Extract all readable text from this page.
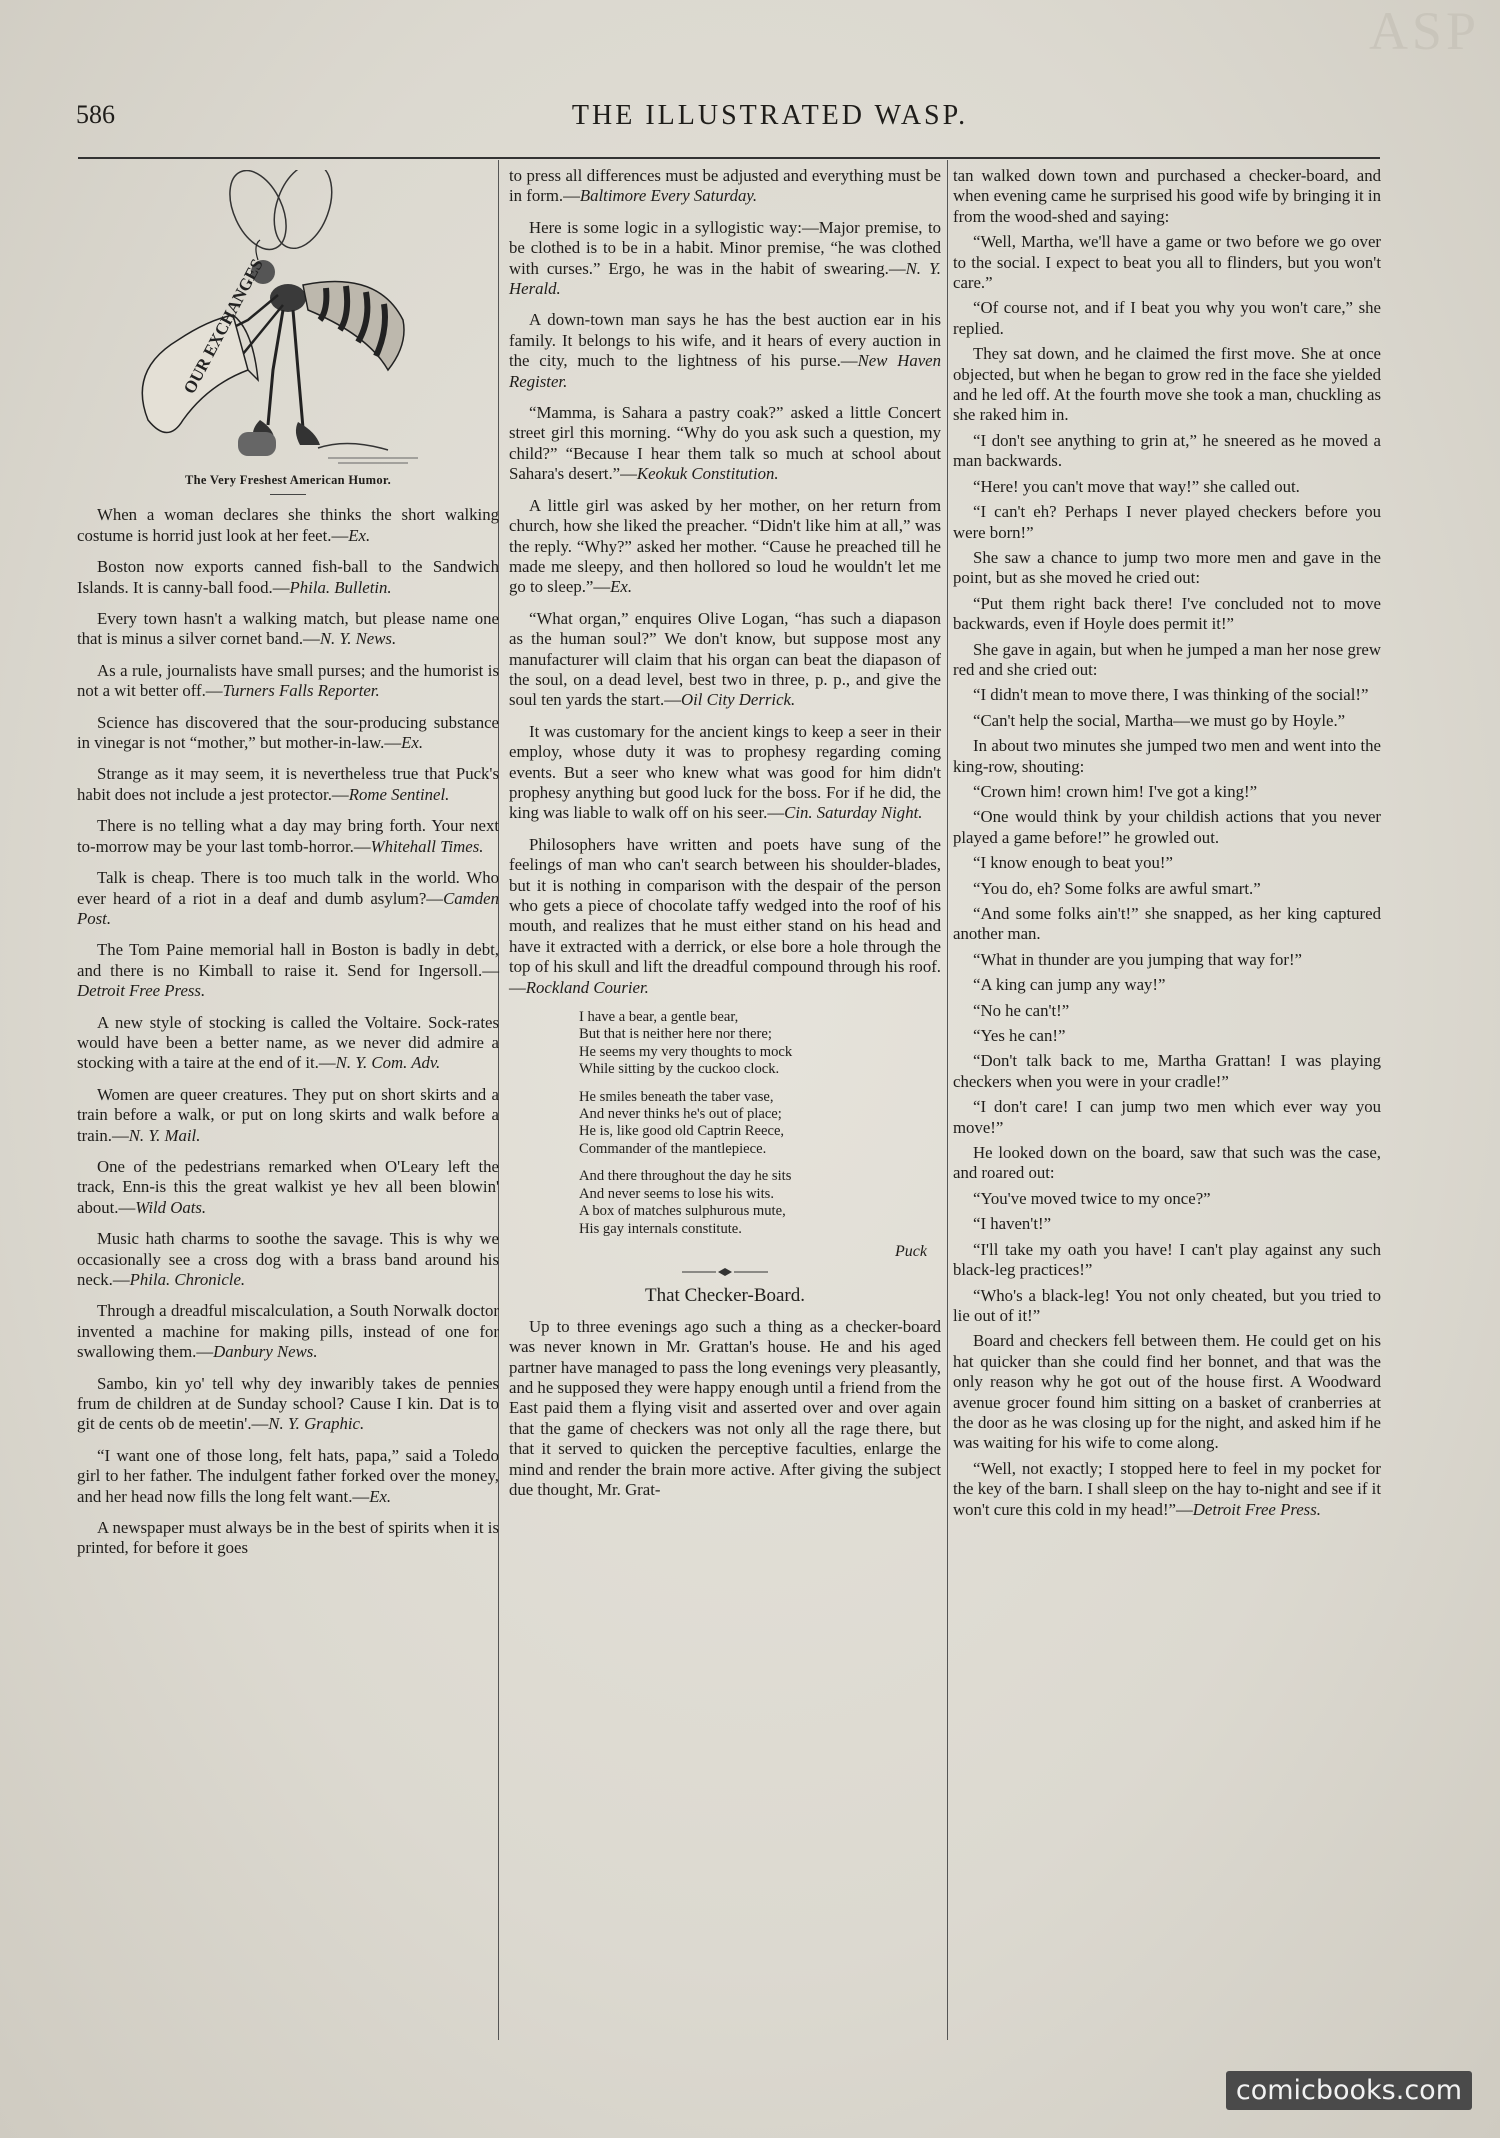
ASP
586	THE ILLUSTRATED WASP.
OUR EXCHANGES
The Very Freshest American Humor.

When a woman declares she thinks the short walking costume is horrid just look at her feet.—Ex.

Boston now exports canned fish-ball to the Sandwich Islands. It is canny-ball food.—Phila. Bulletin.

Every town hasn't a walking match, but please name one that is minus a silver cornet band.—N. Y. News.

As a rule, journalists have small purses; and the humorist is not a wit better off.—Turners Falls Reporter.

Science has discovered that the sour-producing substance in vinegar is not “mother,” but mother-in-law.—Ex.

Strange as it may seem, it is nevertheless true that Puck's habit does not include a jest protector.—Rome Sentinel.

There is no telling what a day may bring forth. Your next to-morrow may be your last tomb-horror.—Whitehall Times.

Talk is cheap. There is too much talk in the world. Who ever heard of a riot in a deaf and dumb asylum?—Camden Post.

The Tom Paine memorial hall in Boston is badly in debt, and there is no Kimball to raise it. Send for Ingersoll.—Detroit Free Press.

A new style of stocking is called the Voltaire. Sock-rates would have been a better name, as we never did admire a stocking with a taire at the end of it.—N. Y. Com. Adv.

Women are queer creatures. They put on short skirts and a train before a walk, or put on long skirts and walk before a train.—N. Y. Mail.

One of the pedestrians remarked when O'Leary left the track, Enn-is this the great walkist ye hev all been blowin' about.—Wild Oats.

Music hath charms to soothe the savage. This is why we occasionally see a cross dog with a brass band around his neck.—Phila. Chronicle.

Through a dreadful miscalculation, a South Norwalk doctor invented a machine for making pills, instead of one for swallowing them.—Danbury News.

Sambo, kin yo' tell why dey inwaribly takes de pennies frum de children at de Sunday school? Cause I kin. Dat is to git de cents ob de meetin'.—N. Y. Graphic.

“I want one of those long, felt hats, papa,” said a Toledo girl to her father. The indulgent father forked over the money, and her head now fills the long felt want.—Ex.

A newspaper must always be in the best of spirits when it is printed, for before it goes

to press all differences must be adjusted and everything must be in form.—Baltimore Every Saturday.

Here is some logic in a syllogistic way:—Major premise, to be clothed is to be in a habit. Minor premise, “he was clothed with curses.” Ergo, he was in the habit of swearing.—N. Y. Herald.

A down-town man says he has the best auction ear in his family. It belongs to his wife, and it hears of every auction in the city, much to the lightness of his purse.—New Haven Register.

“Mamma, is Sahara a pastry coak?” asked a little Concert street girl this morning. “Why do you ask such a question, my child?” “Because I hear them talk so much at school about Sahara's desert.”—Keokuk Constitution.

A little girl was asked by her mother, on her return from church, how she liked the preacher. “Didn't like him at all,” was the reply. “Why?” asked her mother. “Cause he preached till he made me sleepy, and then hollored so loud he wouldn't let me go to sleep.”—Ex.

“What organ,” enquires Olive Logan, “has such a diapason as the human soul?” We don't know, but suppose most any manufacturer will claim that his organ can beat the diapason of the soul, on a dead level, best two in three, p. p., and give the soul ten yards the start.—Oil City Derrick.

It was customary for the ancient kings to keep a seer in their employ, whose duty it was to prophesy regarding coming events. But a seer who knew what was good for him didn't prophesy anything but good luck for the boss. For if he did, the king was liable to walk off on his seer.—Cin. Saturday Night.

Philosophers have written and poets have sung of the feelings of man who can't search between his shoulder-blades, but it is nothing in comparison with the despair of the person who gets a piece of chocolate taffy wedged into the roof of his mouth, and realizes that he must either stand on his head and have it extracted with a derrick, or else bore a hole through the top of his skull and lift the dreadful compound through his roof.—Rockland Courier.

I have a bear, a gentle bear,
But that is neither here nor there;
He seems my very thoughts to mock
While sitting by the cuckoo clock.
He smiles beneath the taber vase,
And never thinks he's out of place;
He is, like good old Captrin Reece,
Commander of the mantlepiece.
And there throughout the day he sits
And never seems to lose his wits.
A box of matches sulphurous mute,
His gay internals constitute.
Puck
That Checker-Board.

Up to three evenings ago such a thing as a checker-board was never known in Mr. Grattan's house. He and his aged partner have managed to pass the long evenings very pleasantly, and he supposed they were happy enough until a friend from the East paid them a flying visit and asserted over and over again that the game of checkers was not only all the rage there, but that it served to quicken the perceptive faculties, enlarge the mind and render the brain more active. After giving the subject due thought, Mr. Grat-

tan walked down town and purchased a checker-board, and when evening came he surprised his good wife by bringing it in from the wood-shed and saying:

“Well, Martha, we'll have a game or two before we go over to the social. I expect to beat you all to flinders, but you won't care.”

“Of course not, and if I beat you why you won't care,” she replied.

They sat down, and he claimed the first move. She at once objected, but when he began to grow red in the face she yielded and he led off. At the fourth move she took a man, chuckling as she raked him in.

“I don't see anything to grin at,” he sneered as he moved a man backwards.

“Here! you can't move that way!” she called out.

“I can't eh? Perhaps I never played checkers before you were born!”

She saw a chance to jump two more men and gave in the point, but as she moved he cried out:

“Put them right back there! I've concluded not to move backwards, even if Hoyle does permit it!”

She gave in again, but when he jumped a man her nose grew red and she cried out:

“I didn't mean to move there, I was thinking of the social!”

“Can't help the social, Martha—we must go by Hoyle.”

In about two minutes she jumped two men and went into the king-row, shouting:

“Crown him! crown him! I've got a king!”

“One would think by your childish actions that you never played a game before!” he growled out.

“I know enough to beat you!”

“You do, eh? Some folks are awful smart.”

“And some folks ain't!” she snapped, as her king captured another man.

“What in thunder are you jumping that way for!”

“A king can jump any way!”

“No he can't!”

“Yes he can!”

“Don't talk back to me, Martha Grattan! I was playing checkers when you were in your cradle!”

“I don't care! I can jump two men which ever way you move!”

He looked down on the board, saw that such was the case, and roared out:

“You've moved twice to my once?”

“I haven't!”

“I'll take my oath you have! I can't play against any such black-leg practices!”

“Who's a black-leg! You not only cheated, but you tried to lie out of it!”

Board and checkers fell between them. He could get on his hat quicker than she could find her bonnet, and that was the only reason why he got out of the house first. A Woodward avenue grocer found him sitting on a basket of cranberries at the door as he was closing up for the night, and asked him if he was waiting for his wife to come along.

“Well, not exactly; I stopped here to feel in my pocket for the key of the barn. I shall sleep on the hay to-night and see if it won't cure this cold in my head!”—Detroit Free Press.

comicbooks.com
